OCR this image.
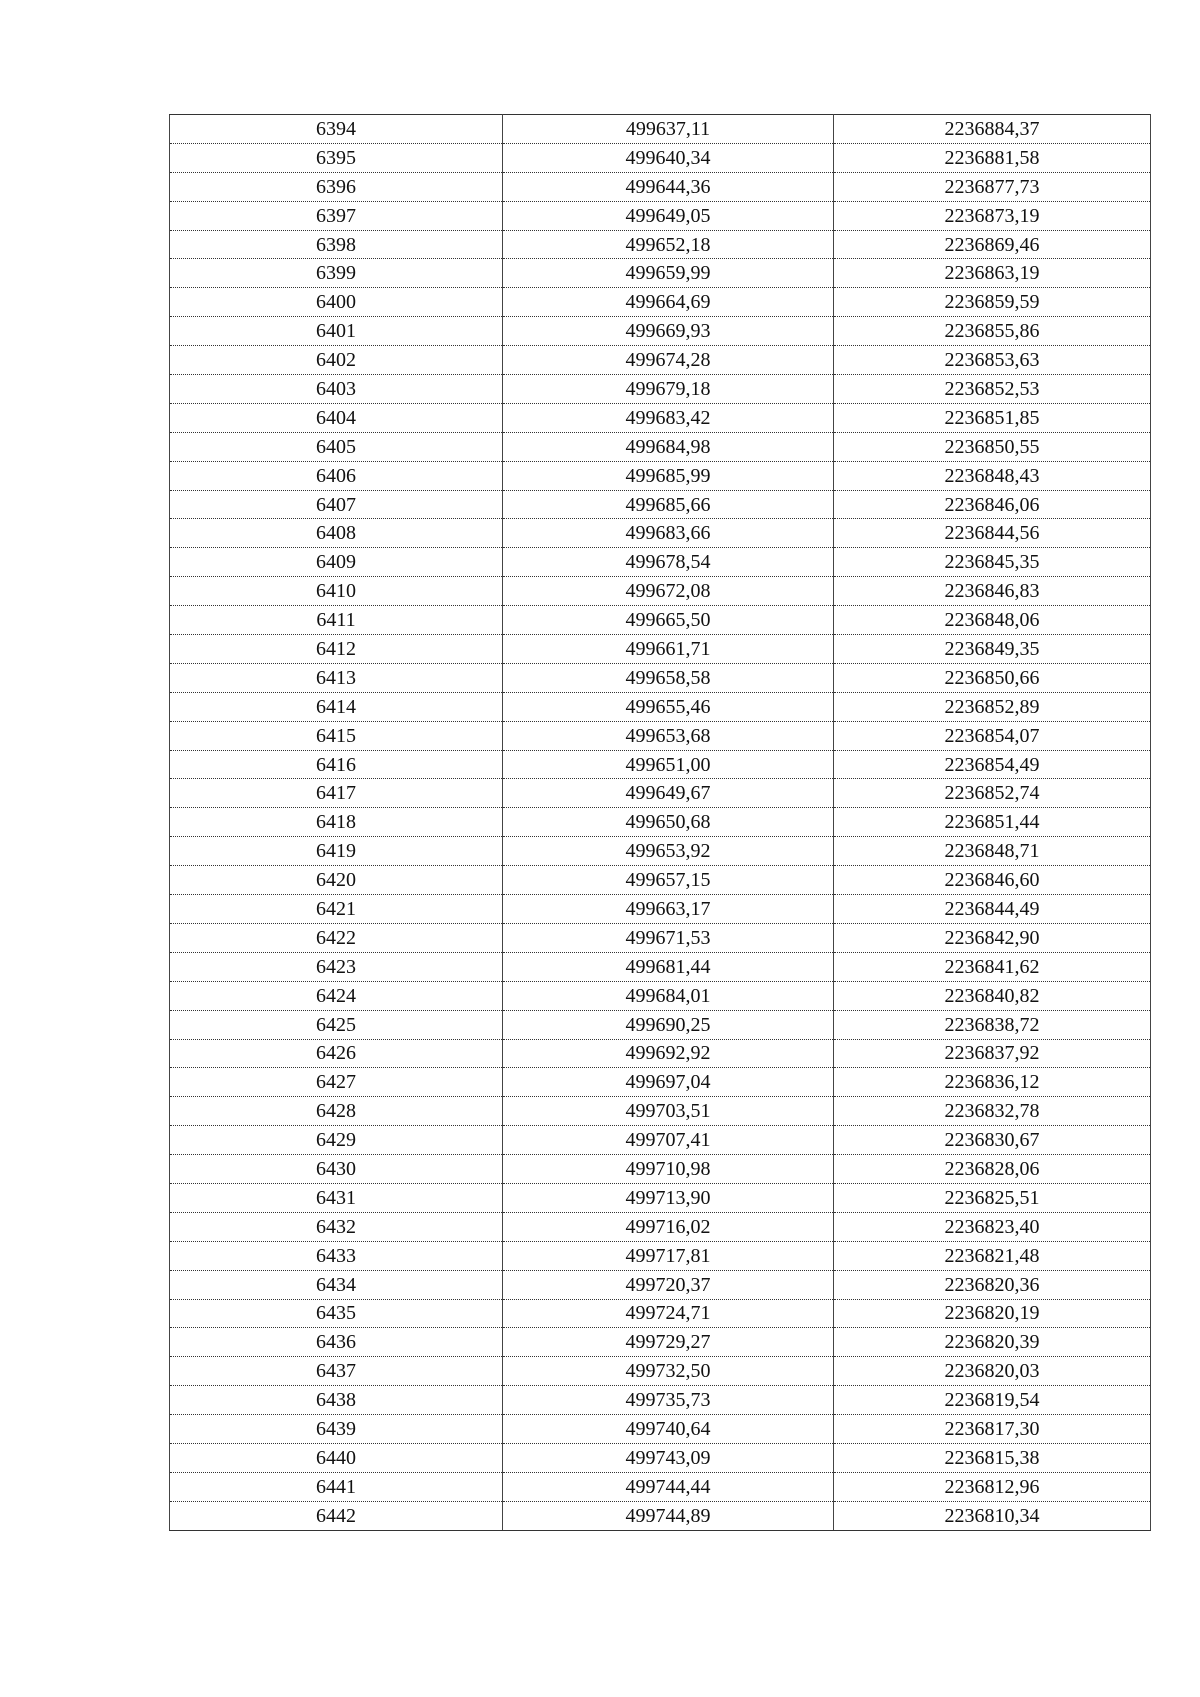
6394	499637,11	2236884,37
6395	499640,34	2236881,58
6396	499644,36	2236877,73
6397	499649,05	2236873,19
6398	499652,18	2236869,46
6399	499659,99	2236863,19
6400	499664,69	2236859,59
6401	499669,93	2236855,86
6402	499674,28	2236853,63
6403	499679,18	2236852,53
6404	499683,42	2236851,85
6405	499684,98	2236850,55
6406	499685,99	2236848,43
6407	499685,66	2236846,06
6408	499683,66	2236844,56
6409	499678,54	2236845,35
6410	499672,08	2236846,83
6411	499665,50	2236848,06
6412	499661,71	2236849,35
6413	499658,58	2236850,66
6414	499655,46	2236852,89
6415	499653,68	2236854,07
6416	499651,00	2236854,49
6417	499649,67	2236852,74
6418	499650,68	2236851,44
6419	499653,92	2236848,71
6420	499657,15	2236846,60
6421	499663,17	2236844,49
6422	499671,53	2236842,90
6423	499681,44	2236841,62
6424	499684,01	2236840,82
6425	499690,25	2236838,72
6426	499692,92	2236837,92
6427	499697,04	2236836,12
6428	499703,51	2236832,78
6429	499707,41	2236830,67
6430	499710,98	2236828,06
6431	499713,90	2236825,51
6432	499716,02	2236823,40
6433	499717,81	2236821,48
6434	499720,37	2236820,36
6435	499724,71	2236820,19
6436	499729,27	2236820,39
6437	499732,50	2236820,03
6438	499735,73	2236819,54
6439	499740,64	2236817,30
6440	499743,09	2236815,38
6441	499744,44	2236812,96
6442	499744,89	2236810,34
